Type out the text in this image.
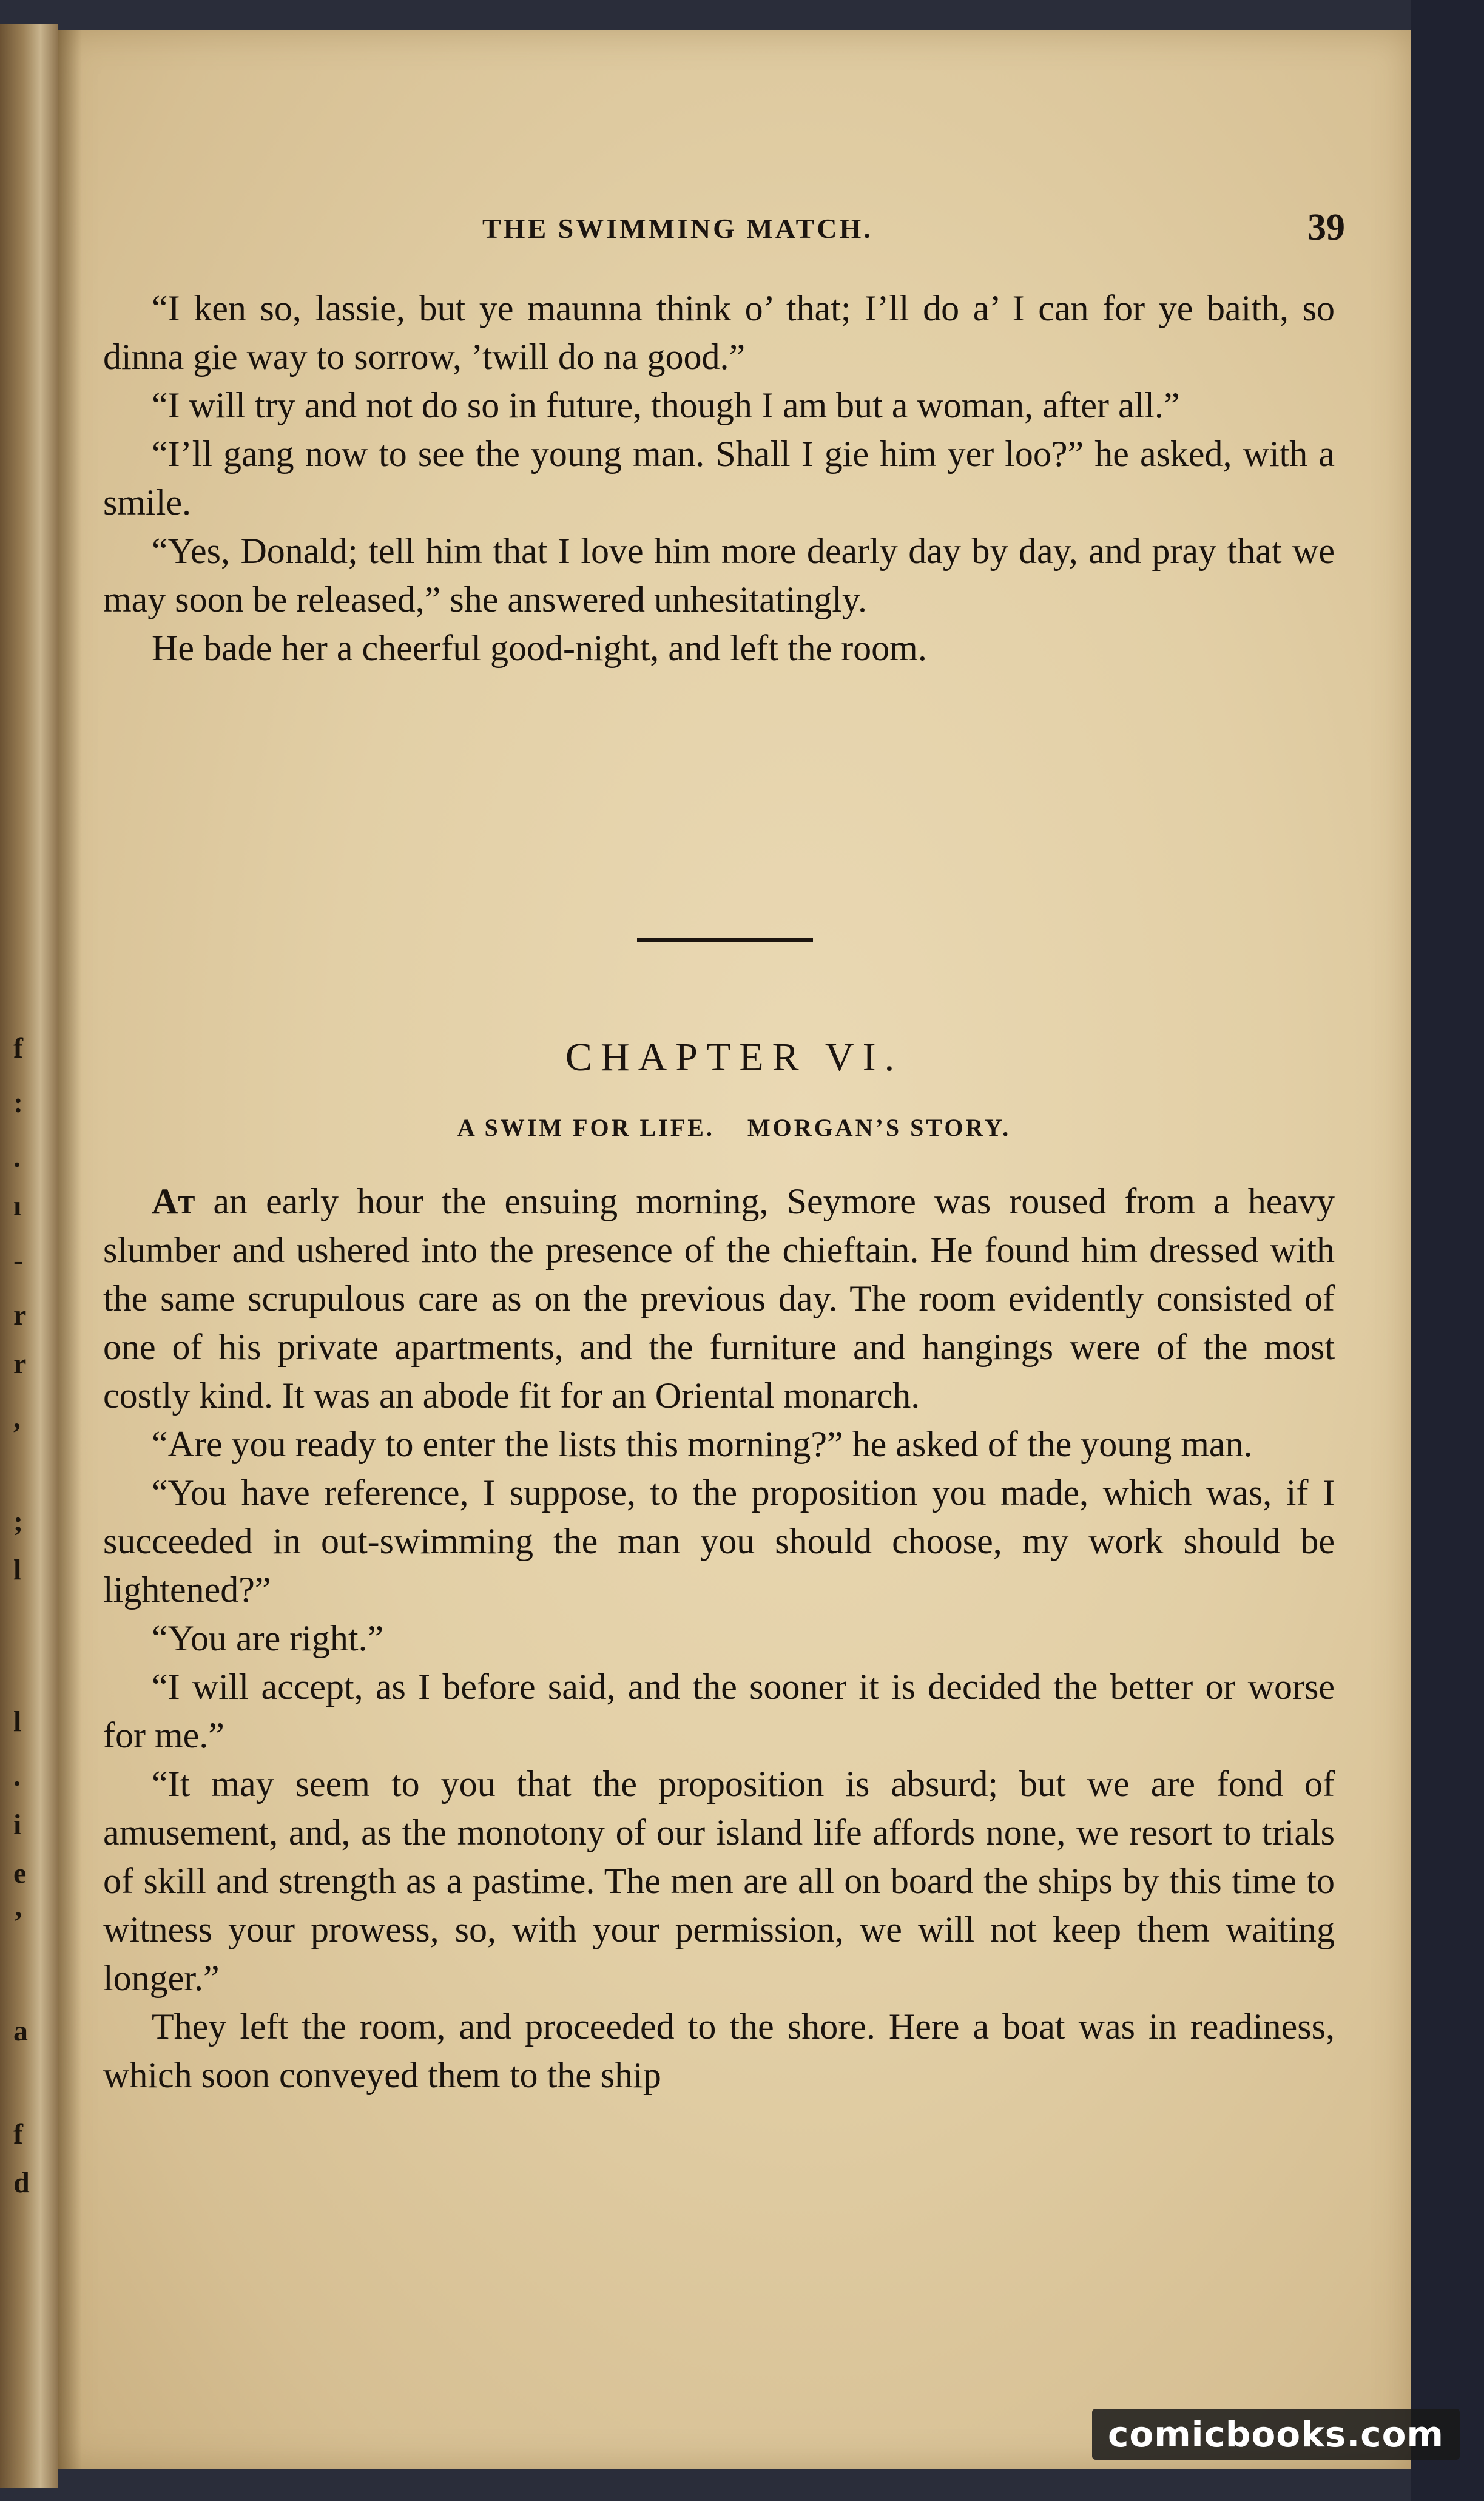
f
:
.
ı
-
r
r
,
;
l
l
.
i
e
’
a
f
d
THE SWIMMING MATCH.	39

“I ken so, lassie, but ye maunna think o’ that; I’ll do a’ I can for ye baith, so dinna gie way to sorrow, ’twill do na good.”

“I will try and not do so in future, though I am but a woman, after all.”

“I’ll gang now to see the young man. Shall I gie him yer loo?” he asked, with a smile.

“Yes, Donald; tell him that I love him more dearly day by day, and pray that we may soon be released,” she answered unhesitatingly.

He bade her a cheerful good-night, and left the room.

CHAPTER VI.
A SWIM FOR LIFE. MORGAN’S STORY.

At an early hour the ensuing morning, Seymore was roused from a heavy slumber and ushered into the presence of the chieftain. He found him dressed with the same scrupulous care as on the previous day. The room evidently consisted of one of his private apartments, and the furniture and hangings were of the most costly kind. It was an abode fit for an Oriental monarch.

“Are you ready to enter the lists this morning?” he asked of the young man.

“You have reference, I suppose, to the proposition you made, which was, if I succeeded in out-swimming the man you should choose, my work should be lightened?”

“You are right.”

“I will accept, as I before said, and the sooner it is decided the better or worse for me.”

“It may seem to you that the proposition is absurd; but we are fond of amusement, and, as the monotony of our island life affords none, we resort to trials of skill and strength as a pastime. The men are all on board the ships by this time to witness your prowess, so, with your permission, we will not keep them waiting longer.”

They left the room, and proceeded to the shore. Here a boat was in readiness, which soon conveyed them to the ship

comicbooks.com
